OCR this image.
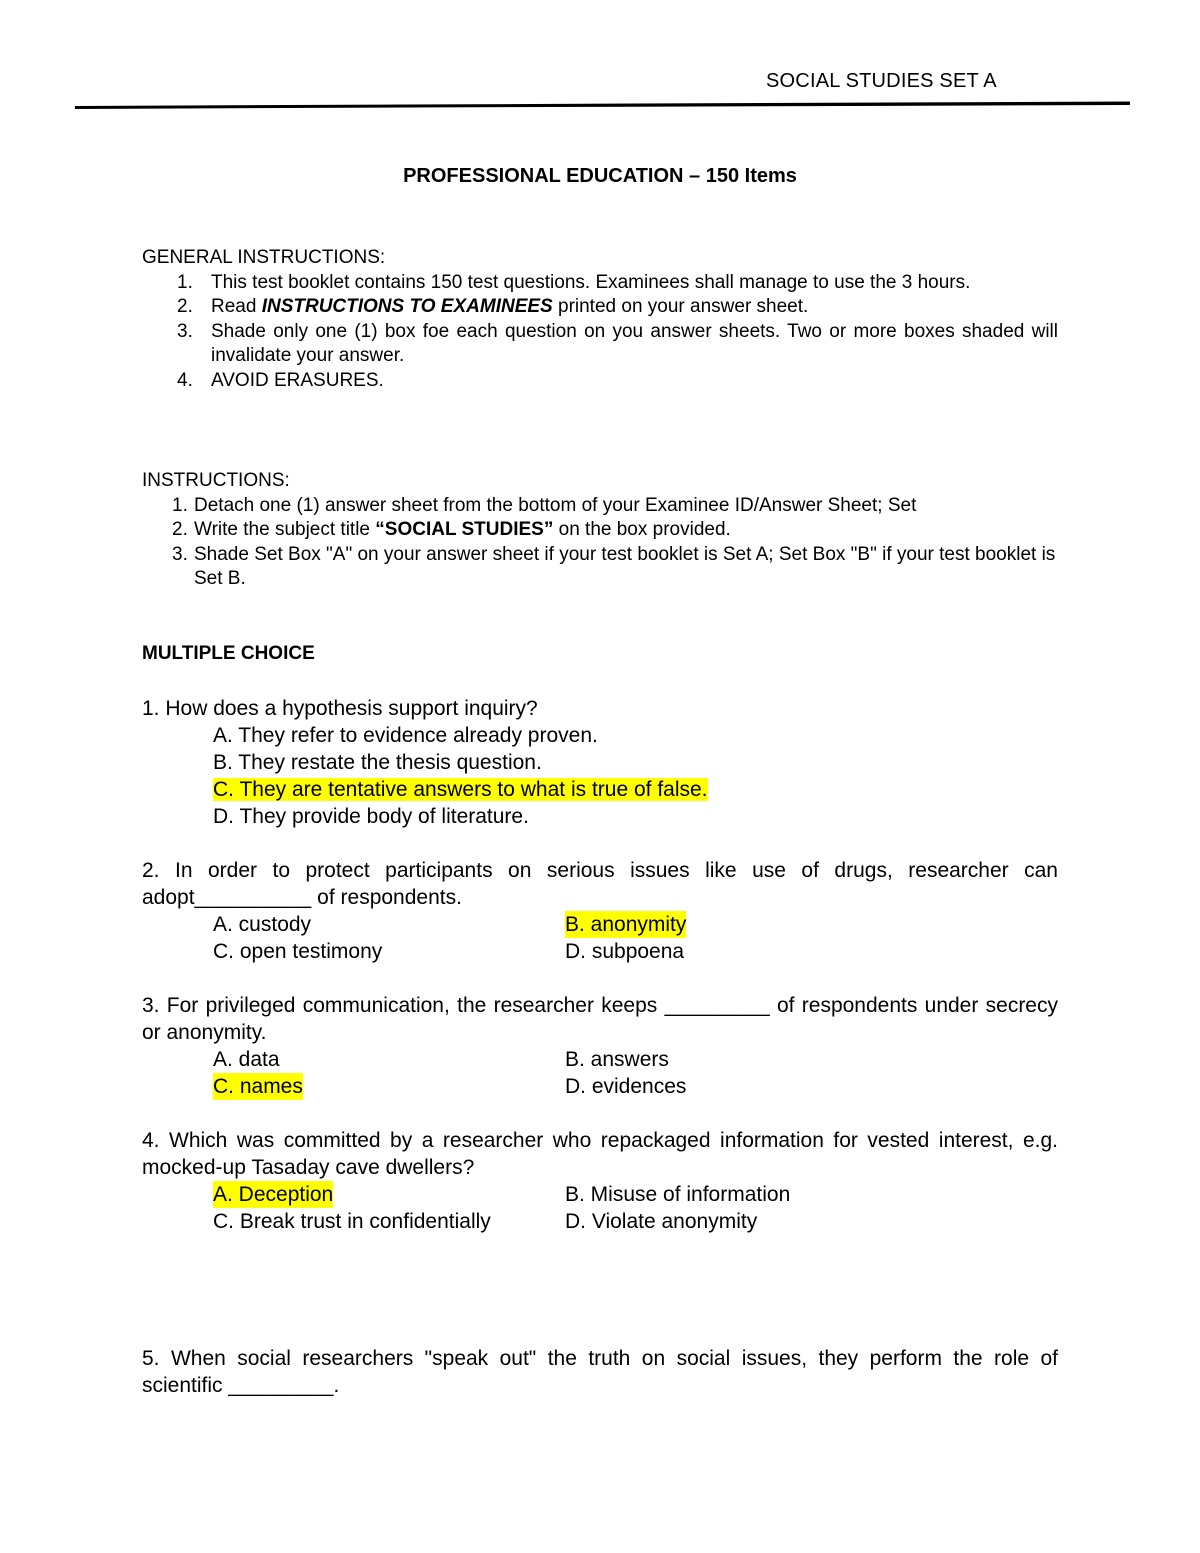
SOCIAL STUDIES SET A
PROFESSIONAL EDUCATION – 150 Items
GENERAL INSTRUCTIONS:
1. This test booklet contains 150 test questions. Examinees shall manage to use the 3 hours.
2. Read INSTRUCTIONS TO EXAMINEES printed on your answer sheet.
3. Shade only one (1) box foe each question on you answer sheets. Two or more boxes shaded will invalidate your answer.
4. AVOID ERASURES.
INSTRUCTIONS:
1. Detach one (1) answer sheet from the bottom of your Examinee ID/Answer Sheet; Set
2. Write the subject title “SOCIAL STUDIES” on the box provided.
3. Shade Set Box "A" on your answer sheet if your test booklet is Set A; Set Box "B" if your test booklet is Set B.
MULTIPLE CHOICE
1. How does a hypothesis support inquiry?
A. They refer to evidence already proven.
B. They restate the thesis question.
C. They are tentative answers to what is true of false.
D. They provide body of literature.
2. In order to protect participants on serious issues like use of drugs, researcher can adopt__________ of respondents.
A. custody	B. anonymity
C. open testimony	D. subpoena
3. For privileged communication, the researcher keeps _________ of respondents under secrecy or anonymity.
A. data	B. answers
C. names	D. evidences
4. Which was committed by a researcher who repackaged information for vested interest, e.g. mocked-up Tasaday cave dwellers?
A. Deception	B. Misuse of information
C. Break trust in confidentially	D. Violate anonymity
5. When social researchers "speak out" the truth on social issues, they perform the role of scientific _________.
